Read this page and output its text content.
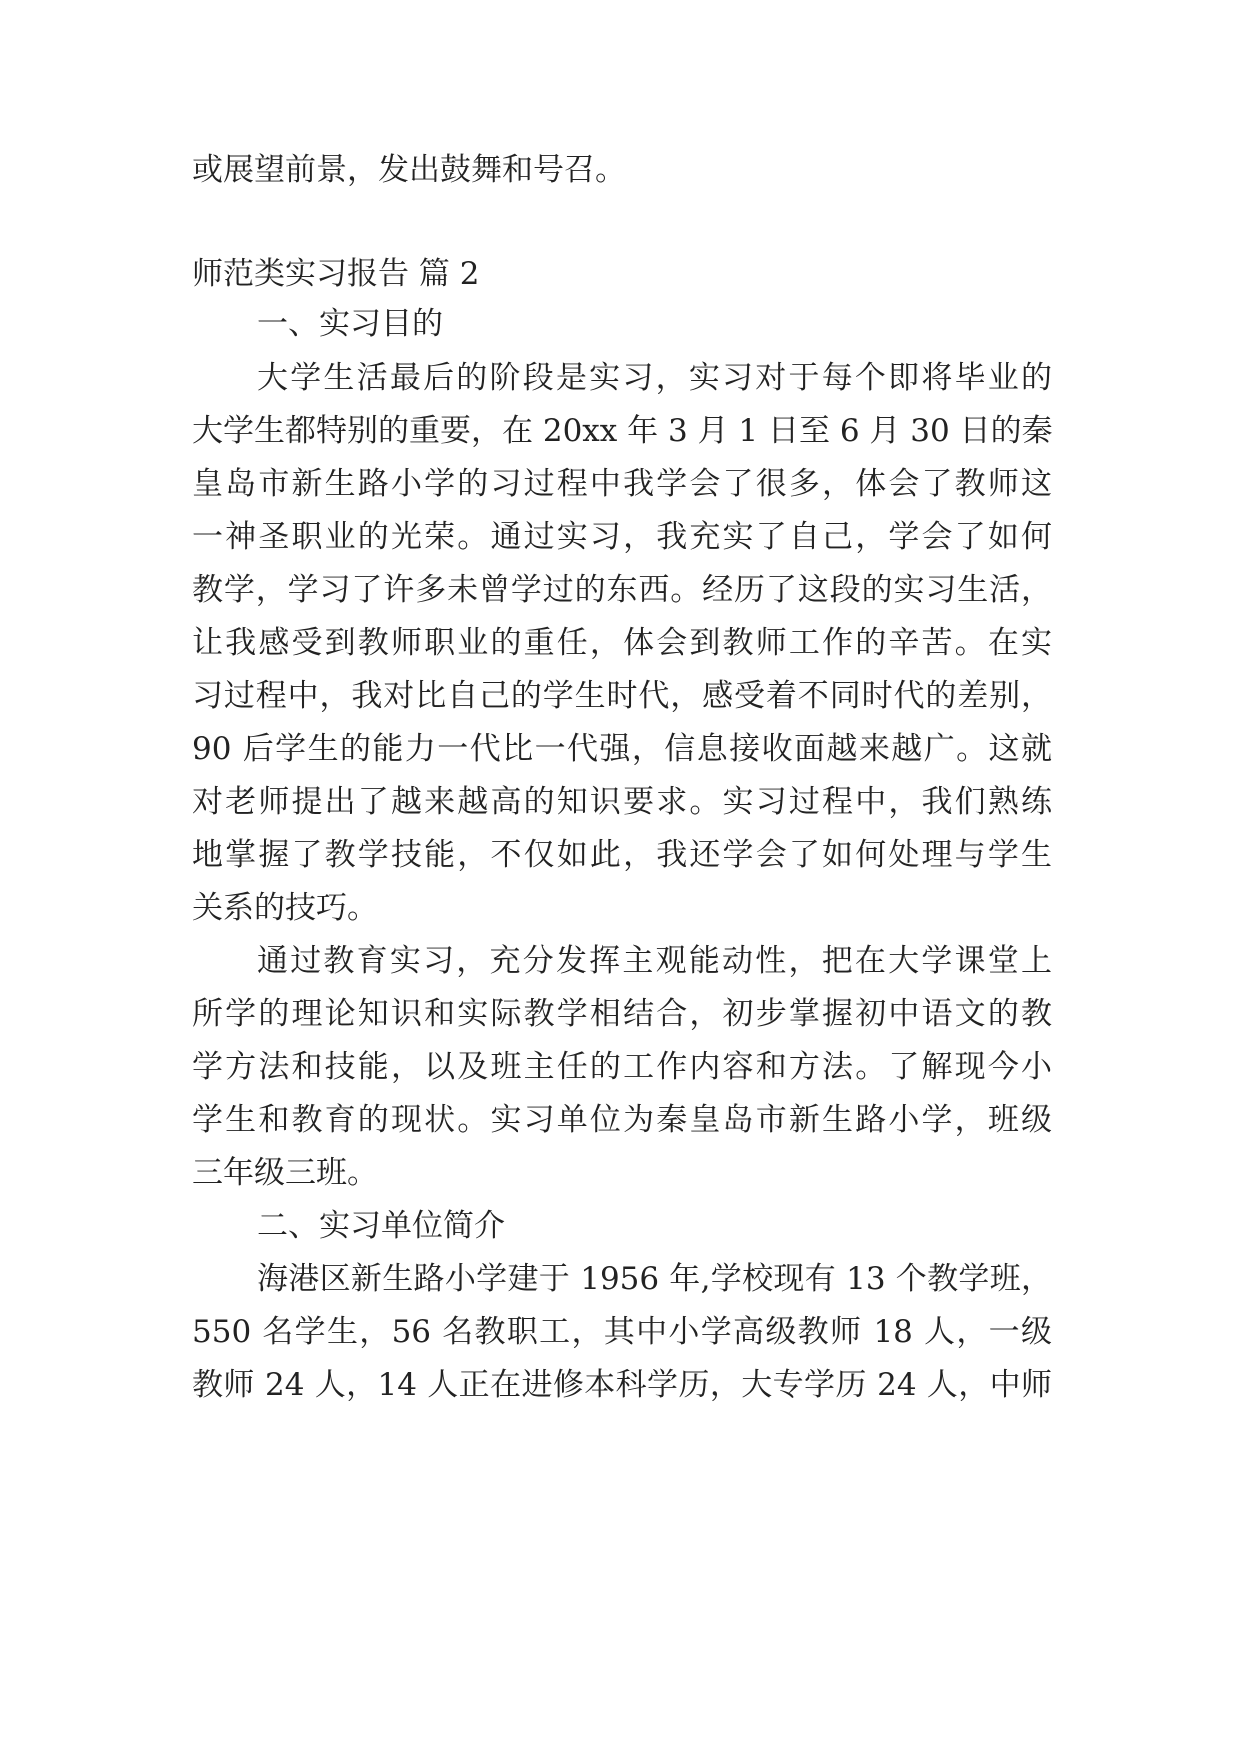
或展望前景，发出鼓舞和号召。
师范类实习报告 篇 2
一、实习目的
大学生活最后的阶段是实习，实习对于每个即将毕业的
大学生都特别的重要，在 20xx 年 3 月 1 日至 6 月 30 日的秦
皇岛市新生路小学的习过程中我学会了很多，体会了教师这
一神圣职业的光荣。通过实习，我充实了自己，学会了如何
教学，学习了许多未曾学过的东西。经历了这段的实习生活，
让我感受到教师职业的重任，体会到教师工作的辛苦。在实
习过程中，我对比自己的学生时代，感受着不同时代的差别，
90 后学生的能力一代比一代强，信息接收面越来越广。这就
对老师提出了越来越高的知识要求。实习过程中，我们熟练
地掌握了教学技能，不仅如此，我还学会了如何处理与学生
关系的技巧。
通过教育实习，充分发挥主观能动性，把在大学课堂上
所学的理论知识和实际教学相结合，初步掌握初中语文的教
学方法和技能，以及班主任的工作内容和方法。了解现今小
学生和教育的现状。实习单位为秦皇岛市新生路小学，班级
三年级三班。
二、实习单位简介
海港区新生路小学建于 1956 年,学校现有 13 个教学班，
550 名学生，56 名教职工，其中小学高级教师 18 人，一级
教师 24 人，14 人正在进修本科学历，大专学历 24 人，中师
